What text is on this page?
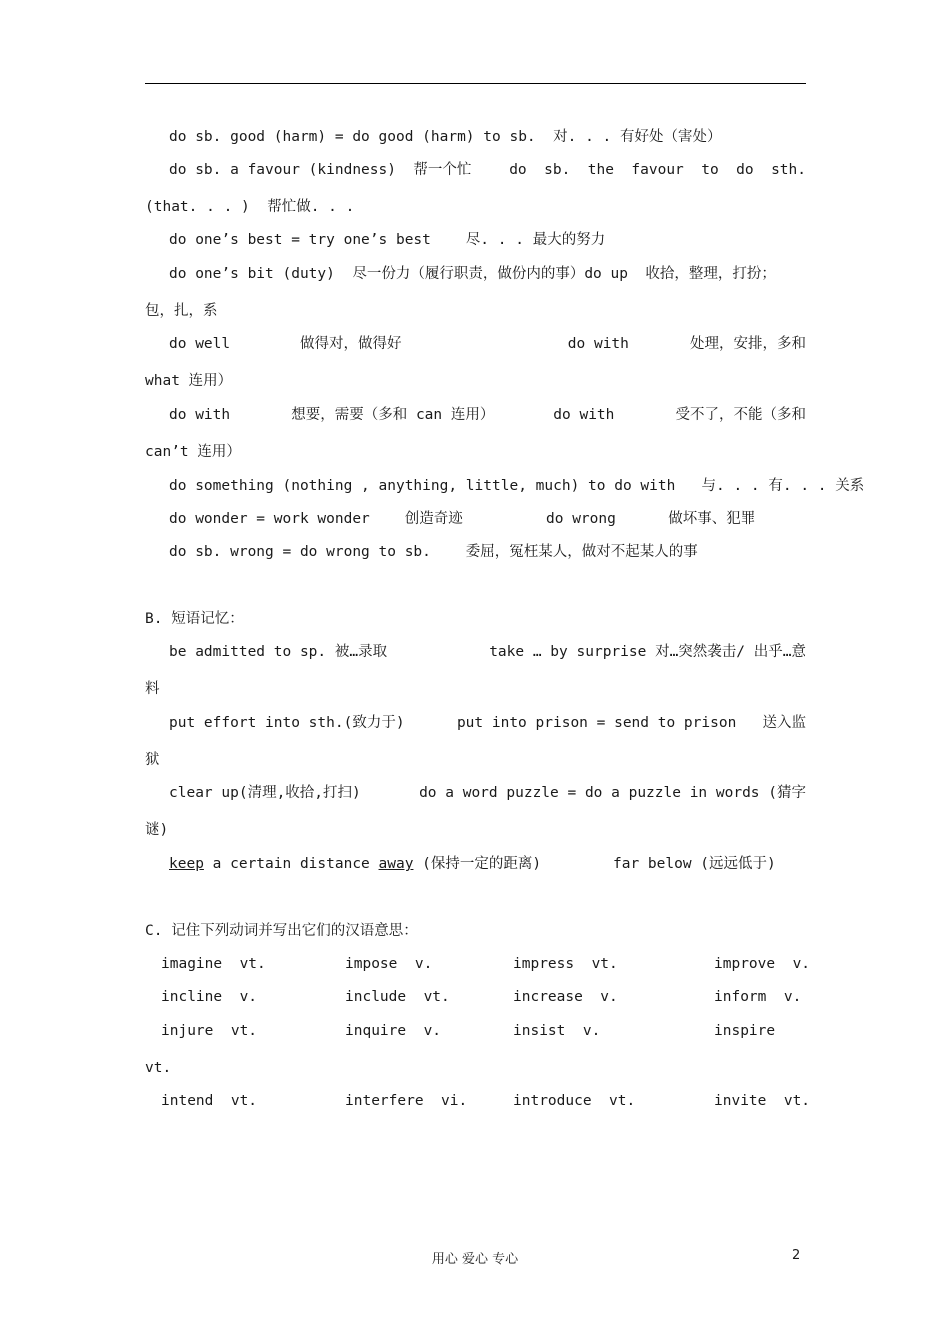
do sb. good (harm) = do good (harm) to sb.  对. . . 有好处（害处）
do sb. a favour (kindness)  帮一个忙	do  sb.  the  favour  to  do  sth.
(that. . . )  帮忙做. . .
do one’s best = try one’s best    尽. . . 最大的努力
do one’s bit (duty)  尽一份力（履行职责，做份内的事）do up  收拾，整理，打扮；
包，扎，系
do well        做得对，做得好	do with       处理，安排，多和
what 连用）
do with       想要，需要（多和 can 连用）	do with       受不了，不能（多和
can’t 连用）
do something (nothing , anything, little, much) to do with   与. . . 有. . . 关系
do wonder = work wonder    创造奇迹	do wrong      做坏事、犯罪
do sb. wrong = do wrong to sb.    委屈，冤枉某人，做对不起某人的事
B. 短语记忆：
be admitted to sp. 被…录取	take … by surprise 对…突然袭击/ 出乎…意
料
put effort into sth.(致力于)	put into prison = send to prison   送入监
狱
clear up(清理,收拾,打扫)	do a word puzzle = do a puzzle in words (猜字
谜)
keep a certain distance away (保持一定的距离)	far below (远远低于)
C. 记住下列动词并写出它们的汉语意思：
imagine  vt.	impose  v.	impress  vt.	improve  v.
incline  v.	include  vt.	increase  v.	inform  v.
injure  vt.	inquire  v.	insist  v.	inspire
vt.
intend  vt.	interfere  vi.	introduce  vt.	invite  vt.
用心 爱心 专心	2
